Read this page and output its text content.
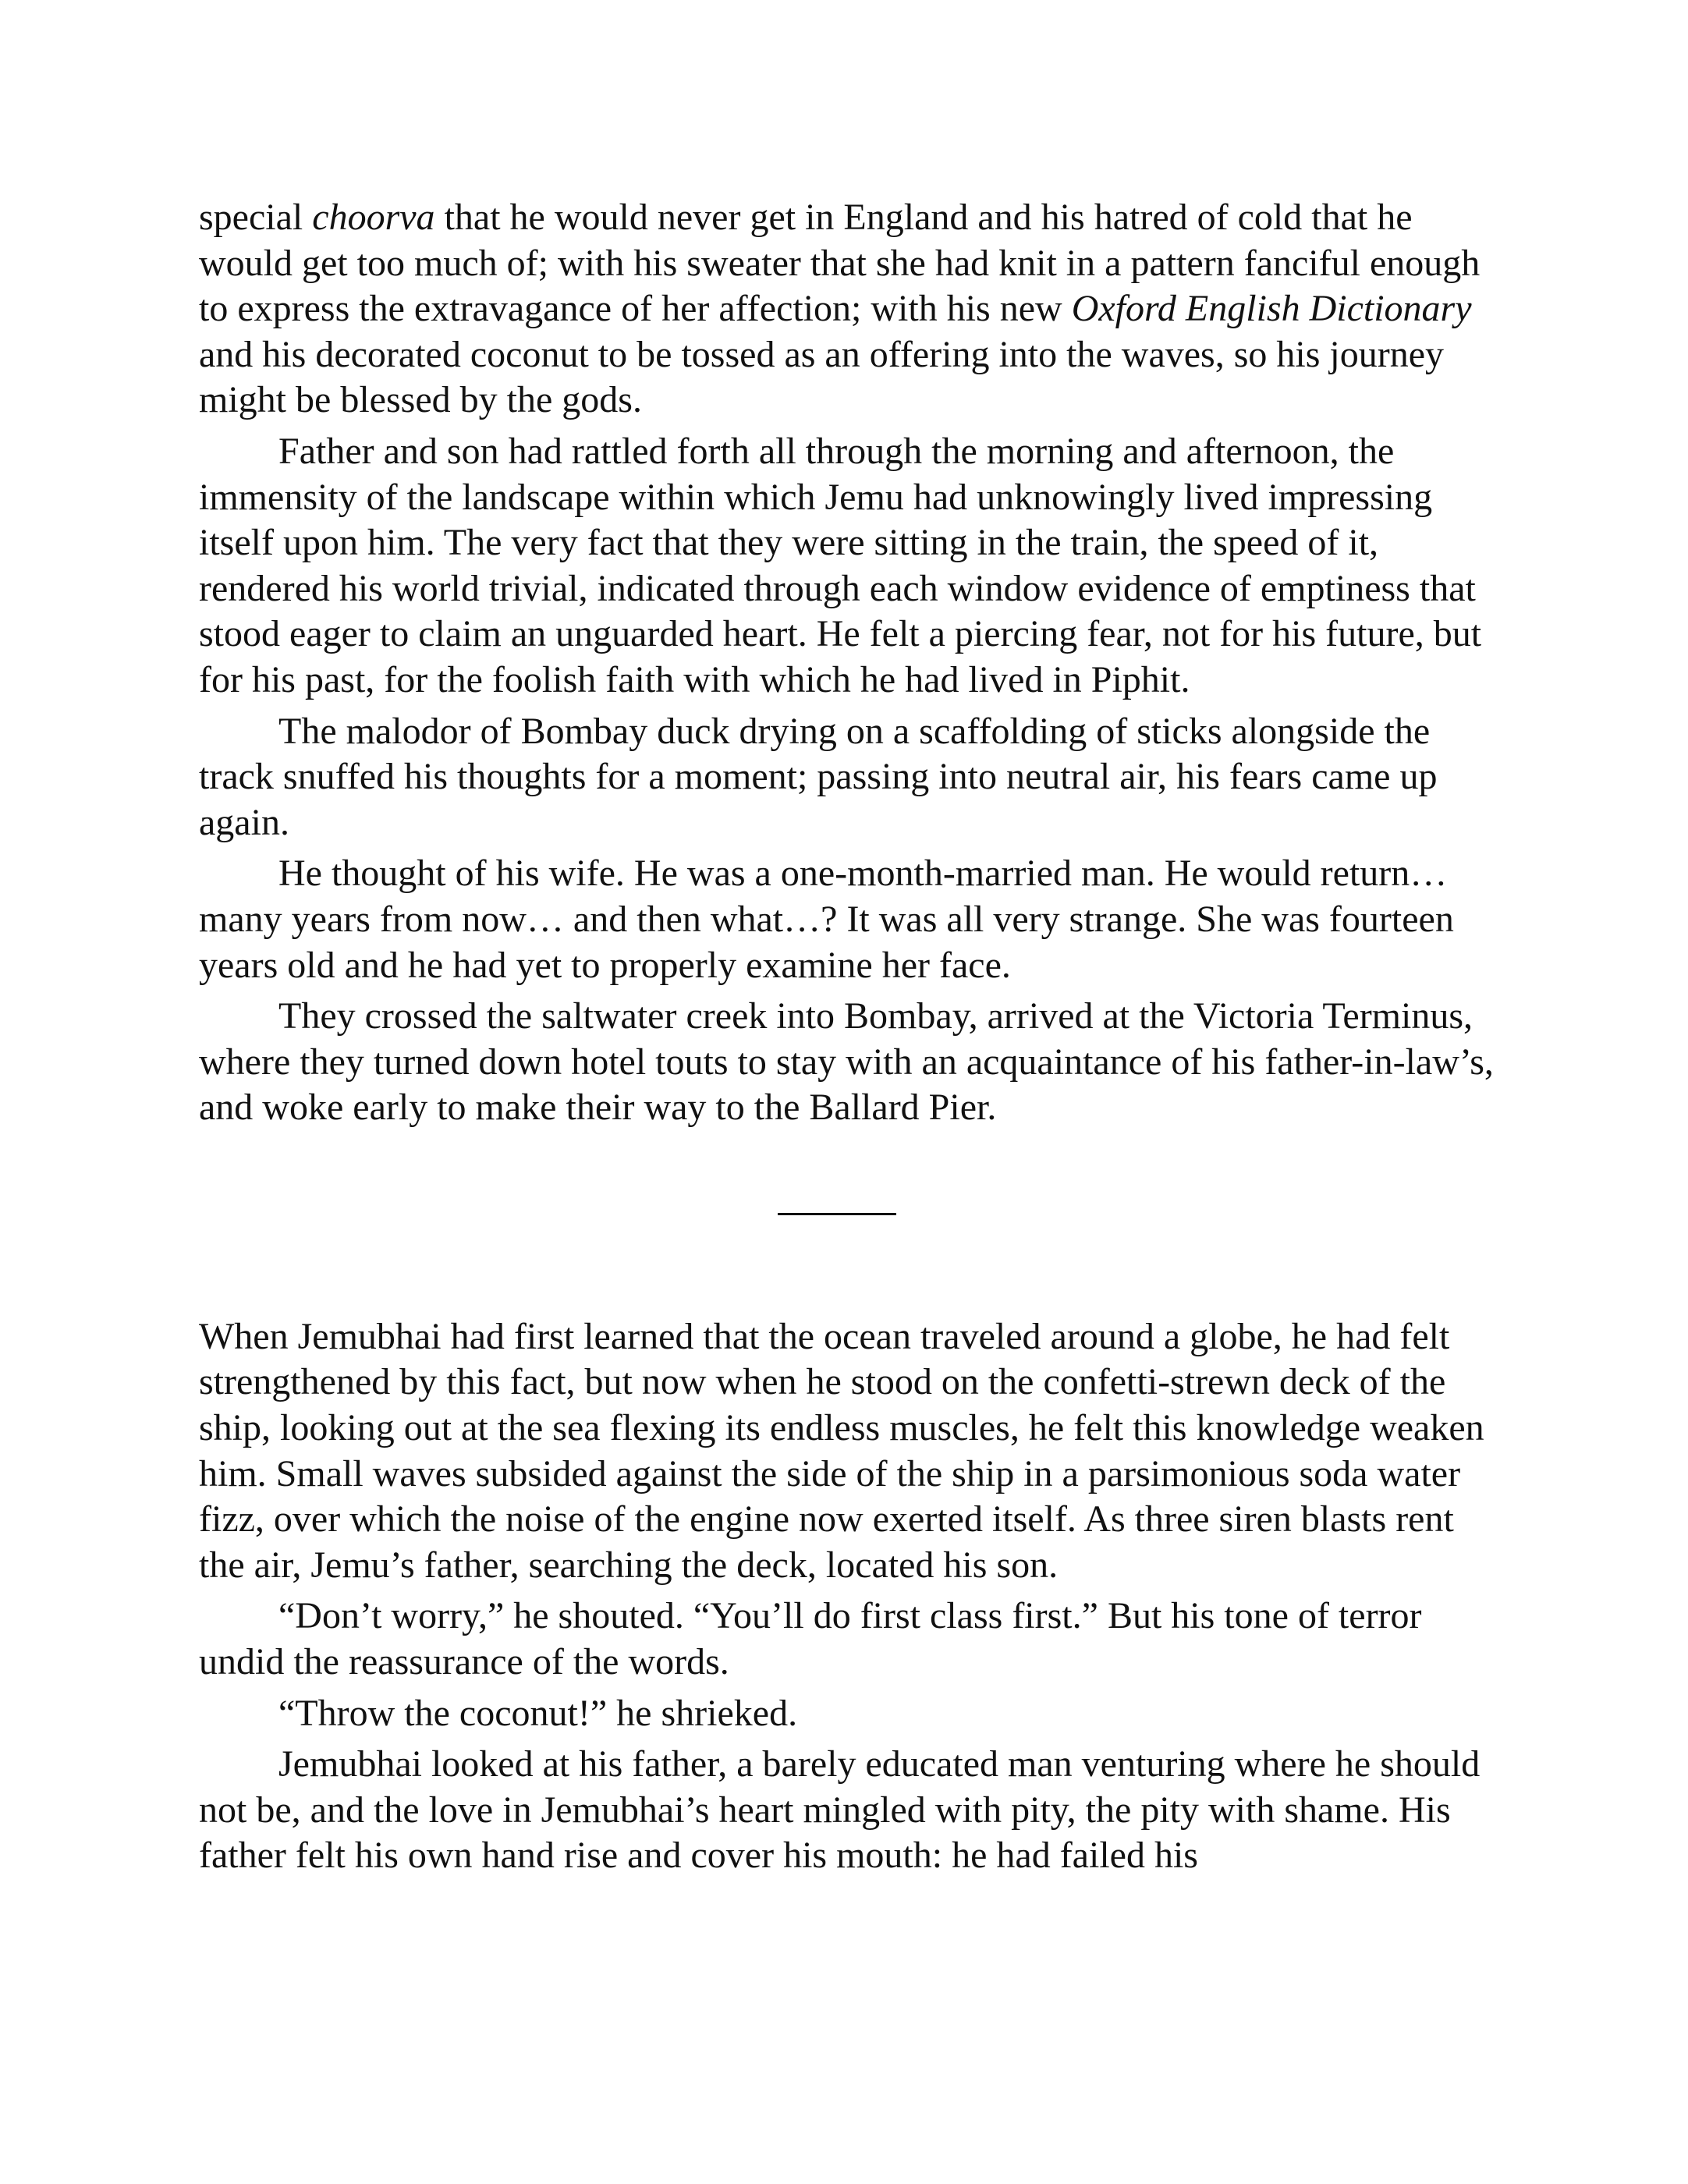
special choorva that he would never get in England and his hatred of cold that he would get too much of; with his sweater that she had knit in a pattern fanciful enough to express the extravagance of her affection; with his new Oxford English Dictionary and his decorated coconut to be tossed as an offering into the waves, so his journey might be blessed by the gods.

Father and son had rattled forth all through the morning and afternoon, the immensity of the landscape within which Jemu had unknowingly lived impressing itself upon him. The very fact that they were sitting in the train, the speed of it, rendered his world trivial, indicated through each window evidence of emptiness that stood eager to claim an unguarded heart. He felt a piercing fear, not for his future, but for his past, for the foolish faith with which he had lived in Piphit.

The malodor of Bombay duck drying on a scaffolding of sticks alongside the track snuffed his thoughts for a moment; passing into neutral air, his fears came up again.

He thought of his wife. He was a one-month-married man. He would return… many years from now… and then what…? It was all very strange. She was fourteen years old and he had yet to properly examine her face.

They crossed the saltwater creek into Bombay, arrived at the Victoria Terminus, where they turned down hotel touts to stay with an acquaintance of his father-in-law’s, and woke early to make their way to the Ballard Pier.

When Jemubhai had first learned that the ocean traveled around a globe, he had felt strengthened by this fact, but now when he stood on the confetti-strewn deck of the ship, looking out at the sea flexing its endless muscles, he felt this knowledge weaken him. Small waves subsided against the side of the ship in a parsimonious soda water fizz, over which the noise of the engine now exerted itself. As three siren blasts rent the air, Jemu’s father, searching the deck, located his son.

“Don’t worry,” he shouted. “You’ll do first class first.” But his tone of terror undid the reassurance of the words.

“Throw the coconut!” he shrieked.

Jemubhai looked at his father, a barely educated man venturing where he should not be, and the love in Jemubhai’s heart mingled with pity, the pity with shame. His father felt his own hand rise and cover his mouth: he had failed his
